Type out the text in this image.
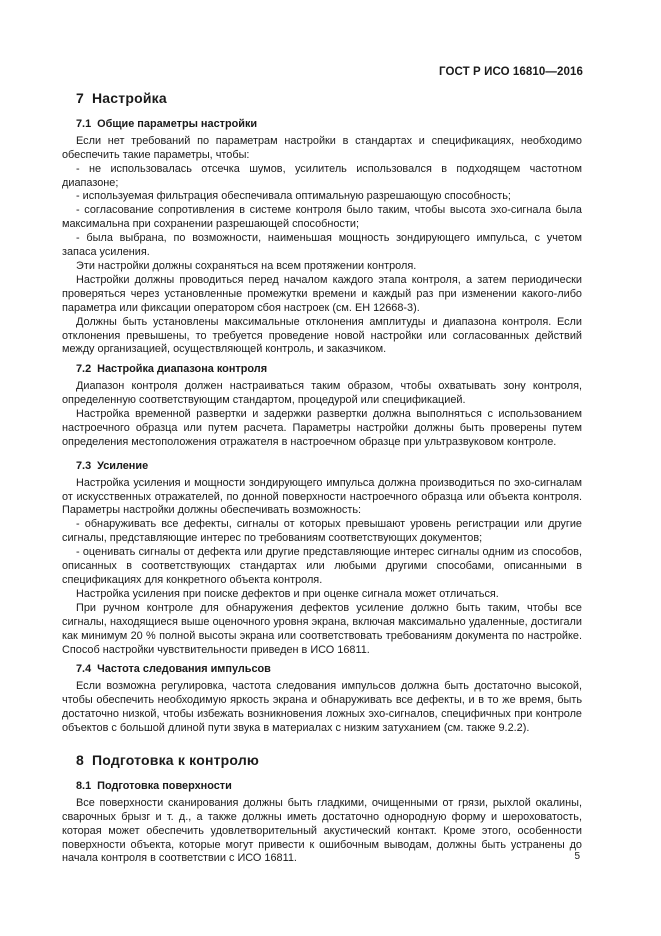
ГОСТ Р ИСО 16810—2016
7 Настройка
7.1 Общие параметры настройки

Если нет требований по параметрам настройки в стандартах и спецификациях, необходимо обеспечить такие параметры, чтобы:

- не использовалась отсечка шумов, усилитель использовался в подходящем частотном диапазоне;

- используемая фильтрация обеспечивала оптимальную разрешающую способность;

- согласование сопротивления в системе контроля было таким, чтобы высота эхо-сигнала была максимальна при сохранении разрешающей способности;

- была выбрана, по возможности, наименьшая мощность зондирующего импульса, с учетом запаса усиления.

Эти настройки должны сохраняться на всем протяжении контроля.

Настройки должны проводиться перед началом каждого этапа контроля, а затем периодически проверяться через установленные промежутки времени и каждый раз при изменении какого-либо параметра или фиксации оператором сбоя настроек (см. ЕН 12668-3).

Должны быть установлены максимальные отклонения амплитуды и диапазона контроля. Если отклонения превышены, то требуется проведение новой настройки или согласованных действий между организацией, осуществляющей контроль, и заказчиком.

7.2 Настройка диапазона контроля

Диапазон контроля должен настраиваться таким образом, чтобы охватывать зону контроля, определенную соответствующим стандартом, процедурой или спецификацией.

Настройка временной развертки и задержки развертки должна выполняться с использованием настроечного образца или путем расчета. Параметры настройки должны быть проверены путем определения местоположения отражателя в настроечном образце при ультразвуковом контроле.

7.3 Усиление

Настройка усиления и мощности зондирующего импульса должна производиться по эхо-сигналам от искусственных отражателей, по донной поверхности настроечного образца или объекта контроля. Параметры настройки должны обеспечивать возможность:

- обнаруживать все дефекты, сигналы от которых превышают уровень регистрации или другие сигналы, представляющие интерес по требованиям соответствующих документов;

- оценивать сигналы от дефекта или другие представляющие интерес сигналы одним из способов, описанных в соответствующих стандартах или любыми другими способами, описанными в спецификациях для конкретного объекта контроля.

Настройка усиления при поиске дефектов и при оценке сигнала может отличаться.

При ручном контроле для обнаружения дефектов усиление должно быть таким, чтобы все сигналы, находящиеся выше оценочного уровня экрана, включая максимально удаленные, достигали как минимум 20 % полной высоты экрана или соответствовать требованиям документа по настройке. Способ настройки чувствительности приведен в ИСО 16811.

7.4 Частота следования импульсов

Если возможна регулировка, частота следования импульсов должна быть достаточно высокой, чтобы обеспечить необходимую яркость экрана и обнаруживать все дефекты, и в то же время, быть достаточно низкой, чтобы избежать возникновения ложных эхо-сигналов, специфичных при контроле объектов с большой длиной пути звука в материалах с низким затуханием (см. также 9.2.2).

8 Подготовка к контролю
8.1 Подготовка поверхности

Все поверхности сканирования должны быть гладкими, очищенными от грязи, рыхлой окалины, сварочных брызг и т. д., а также должны иметь достаточно однородную форму и шероховатость, которая может обеспечить удовлетворительный акустический контакт. Кроме этого, особенности поверхности объекта, которые могут привести к ошибочным выводам, должны быть устранены до начала контроля в соответствии с ИСО 16811.	5
